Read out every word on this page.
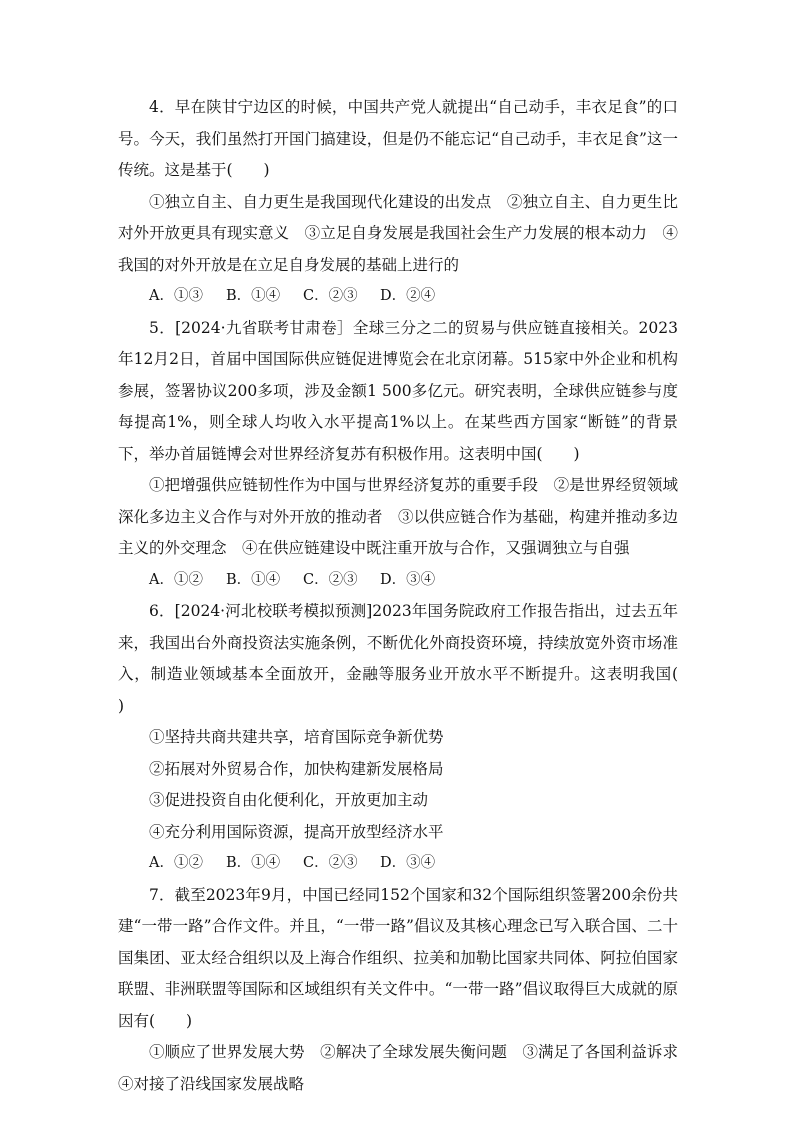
4．早在陕甘宁边区的时候，中国共产党人就提出“自己动手，丰衣足食”的口号。今天，我们虽然打开国门搞建设，但是仍不能忘记“自己动手，丰衣足食”这一传统。这是基于(　　)

①独立自主、自力更生是我国现代化建设的出发点　②独立自主、自力更生比对外开放更具有现实意义　③立足自身发展是我国社会生产力发展的根本动力　④我国的对外开放是在立足自身发展的基础上进行的

A．①③	B．①④	C．②③	D．②④

5．[2024·九省联考甘肃卷］全球三分之二的贸易与供应链直接相关。2023年12月2日，首届中国国际供应链促进博览会在北京闭幕。515家中外企业和机构参展，签署协议200多项，涉及金额1 500多亿元。研究表明，全球供应链参与度每提高1%，则全球人均收入水平提高1%以上。在某些西方国家“断链”的背景下，举办首届链博会对世界经济复苏有积极作用。这表明中国(　　)

①把增强供应链韧性作为中国与世界经济复苏的重要手段　②是世界经贸领域深化多边主义合作与对外开放的推动者　③以供应链合作为基础，构建并推动多边主义的外交理念　④在供应链建设中既注重开放与合作，又强调独立与自强

A．①②	B．①④	C．②③	D．③④

6．[2024·河北校联考模拟预测]2023年国务院政府工作报告指出，过去五年来，我国出台外商投资法实施条例，不断优化外商投资环境，持续放宽外资市场准入，制造业领域基本全面放开，金融等服务业开放水平不断提升。这表明我国(　　)

①坚持共商共建共享，培育国际竞争新优势

②拓展对外贸易合作，加快构建新发展格局

③促进投资自由化便利化，开放更加主动

④充分利用国际资源，提高开放型经济水平

A．①②	B．①④	C．②③	D．③④

7．截至2023年9月，中国已经同152个国家和32个国际组织签署200余份共建“一带一路”合作文件。并且，“一带一路”倡议及其核心理念已写入联合国、二十国集团、亚太经合组织以及上海合作组织、拉美和加勒比国家共同体、阿拉伯国家联盟、非洲联盟等国际和区域组织有关文件中。“一带一路”倡议取得巨大成就的原因有(　　)

①顺应了世界发展大势　②解决了全球发展失衡问题　③满足了各国利益诉求　④对接了沿线国家发展战略
